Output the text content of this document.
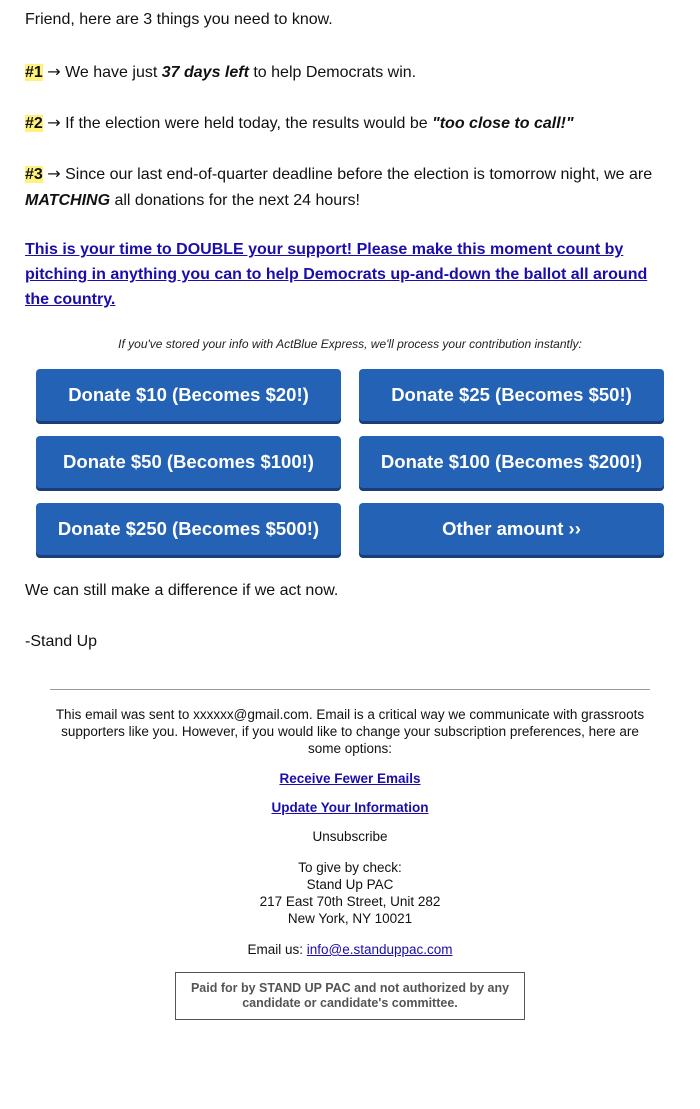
Friend, here are 3 things you need to know.
#1 → We have just 37 days left to help Democrats win.
#2 → If the election were held today, the results would be "too close to call!"
#3 → Since our last end-of-quarter deadline before the election is tomorrow night, we are MATCHING all donations for the next 24 hours!
This is your time to DOUBLE your support! Please make this moment count by pitching in anything you can to help Democrats up-and-down the ballot all around the country.
If you've stored your info with ActBlue Express, we'll process your contribution instantly:
Donate $10 (Becomes $20!)	Donate $25 (Becomes $50!)
Donate $50 (Becomes $100!)	Donate $100 (Becomes $200!)
Donate $250 (Becomes $500!)	Other amount ››
We can still make a difference if we act now.
-Stand Up
This email was sent to xxxxxx@gmail.com. Email is a critical way we communicate with grassroots supporters like you. However, if you would like to change your subscription preferences, here are some options:
Receive Fewer Emails
Update Your Information
Unsubscribe
To give by check:
Stand Up PAC
217 East 70th Street, Unit 282
New York, NY 10021
Email us: info@e.standuppac.com
Paid for by STAND UP PAC and not authorized by any candidate or candidate's committee.
